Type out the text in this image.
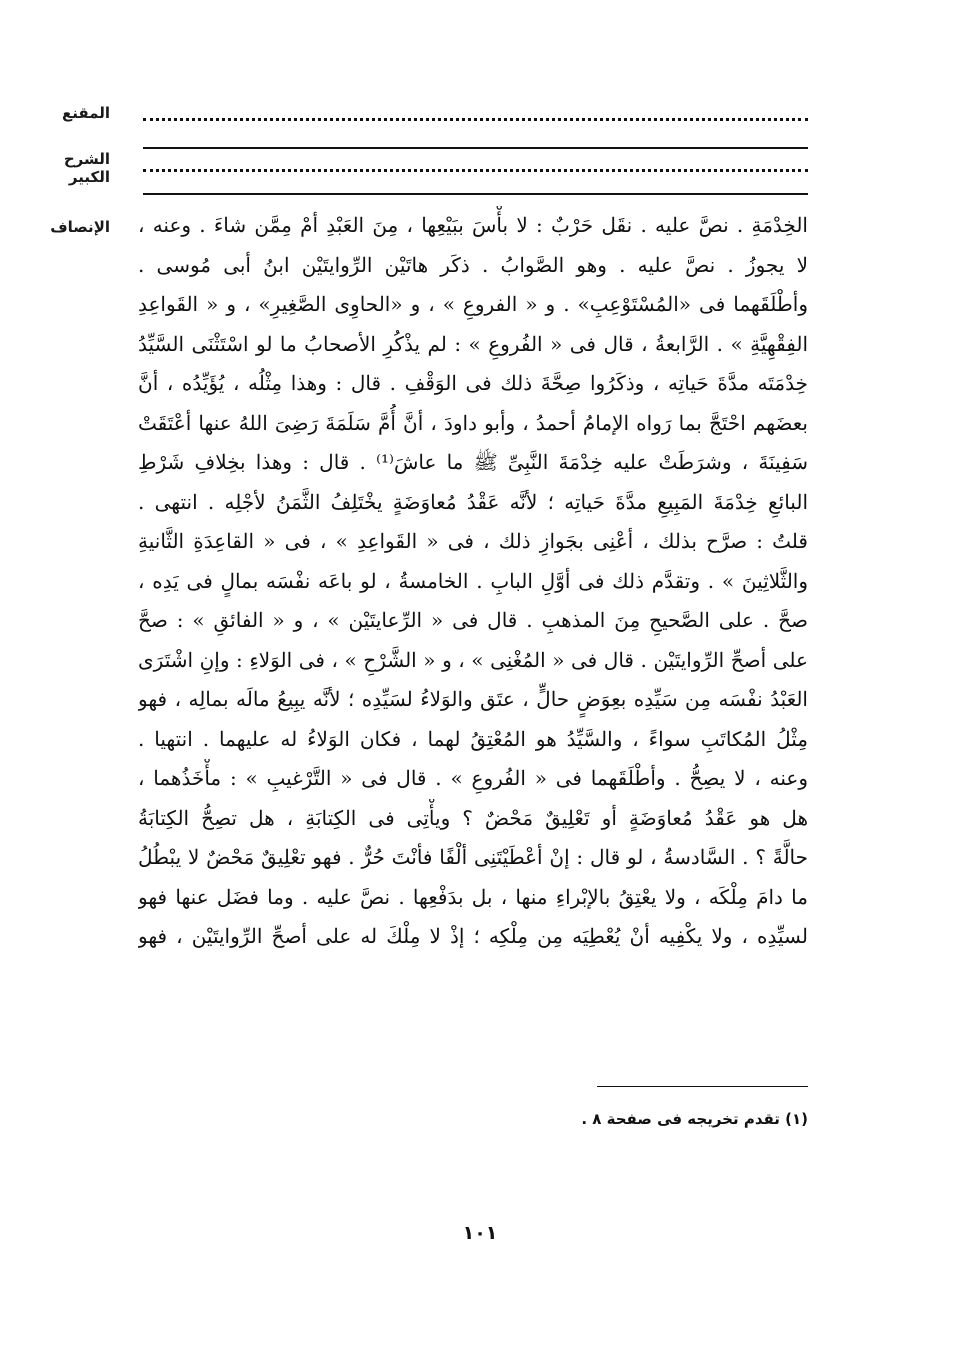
المقنع
الشرح الكبير
الإنصاف الخِدْمَةِ . نصَّ عليه . نقَل حَرْبٌ : لا بأْسَ ببَيْعِها ، مِنَ العَبْدِ أمْ مِمَّن شاءَ . وعنه ،
لا يجوزُ . نصَّ عليه . وهو الصَّوابُ . ذكَر هاتَيْن الرِّوايتَيْن ابنُ أبى مُوسى .
وأطْلَقَهما فى «المُسْتَوْعِبِ» . و « الفروعِ » ، و «الحاوِى الصَّغِيرِ» ، و « القَواعِدِ
الفِقْهِيَّةِ » . الرَّابعةُ ، قال فى « الفُروعِ » : لم يذْكُرِ الأصحابُ ما لو اسْتَثْنَى السَّيِّدُ
خِدْمَتَه مدَّةَ حَياتِه ، وذكَرُوا صِحَّةَ ذلك فى الوَقْفِ . قال : وهذا مِثْلُه ، يُؤَيِّدُه ، أنَّ
بعضَهم احْتَجَّ بما رَواه الإمامُ أحمدُ ، وأبو داودَ ، أنَّ أُمَّ سَلَمَةَ رَضِىَ اللهُ عنها أعْتَقَتْ
سَفِينَةَ ، وشرَطَتْ عليه خِدْمَةَ النَّبِىِّ ﷺ ما عاشَ⁽¹⁾ . قال : وهذا بخِلافِ شَرْطِ
البائعِ خِدْمَةَ المَبِيعِ مدَّةَ حَياتِه ؛ لأنَّه عَقْدُ مُعاوَضَةٍ يخْتَلِفُ الثَّمَنُ لأجْلِه . انتهى .
قلتُ : صرَّح بذلك ، أعْنِى بجَوازِ ذلك ، فى « القَواعِدِ » ، فى « القاعِدَةِ الثَّانيةِ
والثَّلاثِينَ » . وتقدَّم ذلك فى أوَّلِ البابِ . الخامسةُ ، لو باعَه نفْسَه بمالٍ فى يَدِه ،
صحَّ . على الصَّحيحِ مِنَ المذهبِ . قال فى « الرِّعايتَيْن » ، و « الفائقِ » : صحَّ
على أصحِّ الرِّوايتَيْن . قال فى « المُغْنِى » ، و « الشَّرْحِ » ، فى الوَلاءِ : وإنِ اشْتَرَى
العَبْدُ نفْسَه مِن سَيِّدِه بعِوَضٍ حالٍّ ، عتَق والوَلاءُ لسَيِّدِه ؛ لأنَّه يبِيعُ مالَه بمالِه ، فهو
مِثْلُ المُكاتَبِ سواءً ، والسَّيِّدُ هو المُعْتِقُ لهما ، فكان الوَلاءُ له عليهما . انتهيا .
وعنه ، لا يصِحُّ . وأطْلَقَهما فى « الفُروعِ » . قال فى « التَّرْغيبِ » : مأْخَذُهما ،
هل هو عَقْدُ مُعاوَضَةٍ أو تَعْلِيقٌ مَحْضٌ ؟ ويأْتِى فى الكِتابَةِ ، هل تصِحُّ الكِتابَةُ
حالَّةً ؟ . السَّادسةُ ، لو قال : إنْ أعْطَيْتَنِى ألْفًا فأنْتَ حُرٌّ . فهو تعْلِيقٌ مَحْضٌ لا يبْطُلُ
ما دامَ مِلْكَه ، ولا يعْتِقُ بالإبْراءِ منها ، بل بدَفْعِها . نصَّ عليه . وما فضَل عنها فهو
لسيِّدِه ، ولا يكْفِيه أنْ يُعْطِيَه مِن مِلْكِه ؛ إذْ لا مِلْكَ له على أصحِّ الرِّوايتَيْن ، فهو
(١) تقدم تخريجه فى صفحة ٨ .
١٠١
